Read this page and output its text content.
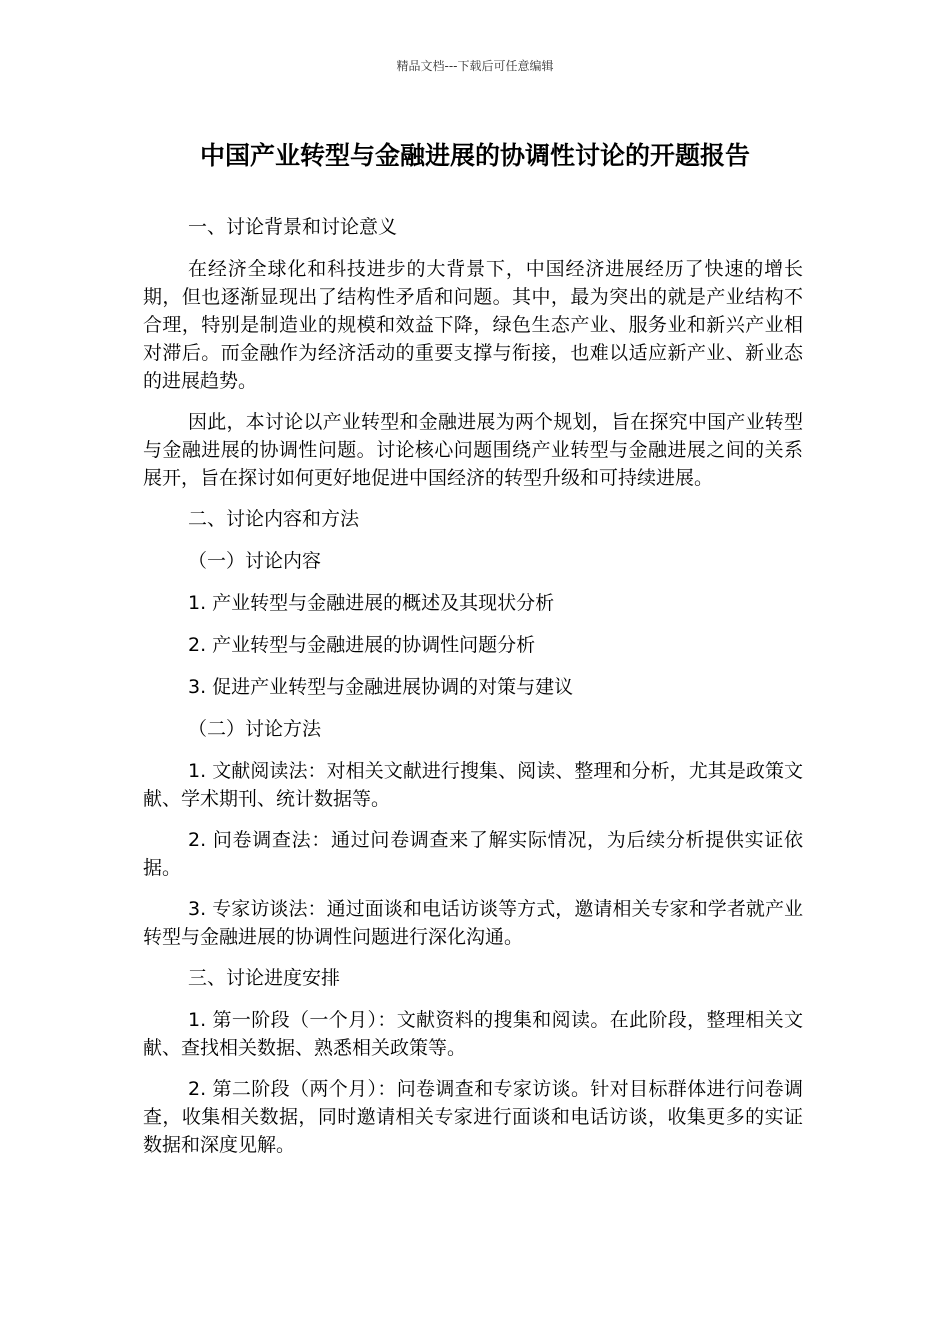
精品文档---下载后可任意编辑
中国产业转型与金融进展的协调性讨论的开题报告
一、讨论背景和讨论意义

在经济全球化和科技进步的大背景下，中国经济进展经历了快速的增长期，但也逐渐显现出了结构性矛盾和问题。其中，最为突出的就是产业结构不合理，特别是制造业的规模和效益下降，绿色生态产业、服务业和新兴产业相对滞后。而金融作为经济活动的重要支撑与衔接，也难以适应新产业、新业态的进展趋势。

因此，本讨论以产业转型和金融进展为两个规划，旨在探究中国产业转型与金融进展的协调性问题。讨论核心问题围绕产业转型与金融进展之间的关系展开，旨在探讨如何更好地促进中国经济的转型升级和可持续进展。

二、讨论内容和方法
（一）讨论内容
1. 产业转型与金融进展的概述及其现状分析
2. 产业转型与金融进展的协调性问题分析
3. 促进产业转型与金融进展协调的对策与建议
（二）讨论方法

1. 文献阅读法：对相关文献进行搜集、阅读、整理和分析，尤其是政策文献、学术期刊、统计数据等。

2. 问卷调查法：通过问卷调查来了解实际情况，为后续分析提供实证依据。

3. 专家访谈法：通过面谈和电话访谈等方式，邀请相关专家和学者就产业转型与金融进展的协调性问题进行深化沟通。

三、讨论进度安排

1. 第一阶段（一个月）：文献资料的搜集和阅读。在此阶段，整理相关文献、查找相关数据、熟悉相关政策等。

2. 第二阶段（两个月）：问卷调查和专家访谈。针对目标群体进行问卷调查，收集相关数据，同时邀请相关专家进行面谈和电话访谈，收集更多的实证数据和深度见解。
